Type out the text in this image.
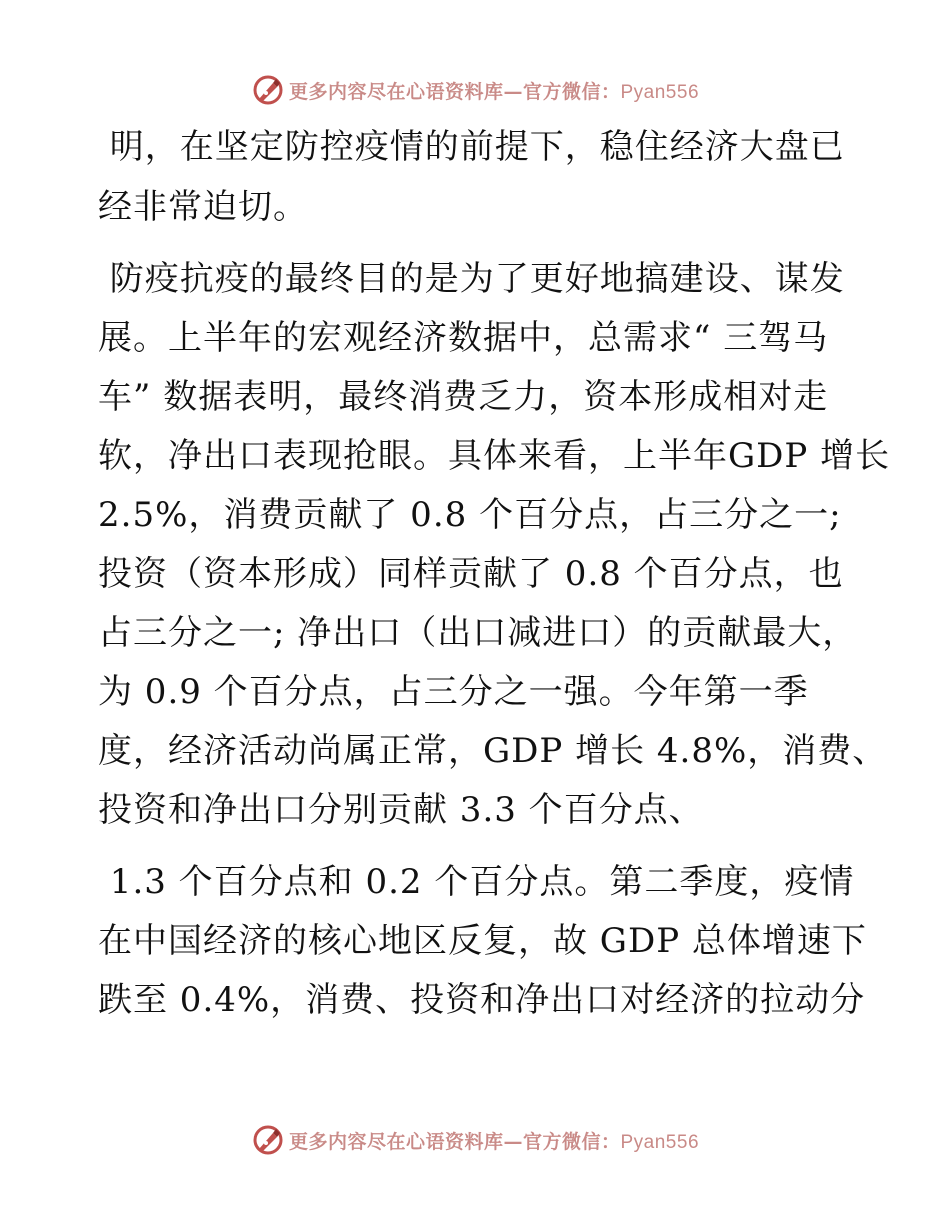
更多内容尽在心语资料库—官方微信：Pyan556
明，在坚定防控疫情的前提下，稳住经济大盘已
经非常迫切。
防疫抗疫的最终目的是为了更好地搞建设、谋发
展。上半年的宏观经济数据中，总需求“ 三驾马
车” 数据表明，最终消费乏力，资本形成相对走
软，净出口表现抢眼。具体来看，上半年GDP 增长
2.5%，消费贡献了 0.8 个百分点，占三分之一;
投资（资本形成）同样贡献了 0.8 个百分点，也
占三分之一; 净出口（出口减进口）的贡献最大，
为 0.9 个百分点，占三分之一强。今年第一季
度，经济活动尚属正常，GDP 增长 4.8%，消费、
投资和净出口分别贡献 3.3 个百分点、
1.3 个百分点和 0.2 个百分点。第二季度，疫情
在中国经济的核心地区反复，故 GDP 总体增速下
跌至 0.4%，消费、投资和净出口对经济的拉动分
更多内容尽在心语资料库—官方微信：Pyan556
